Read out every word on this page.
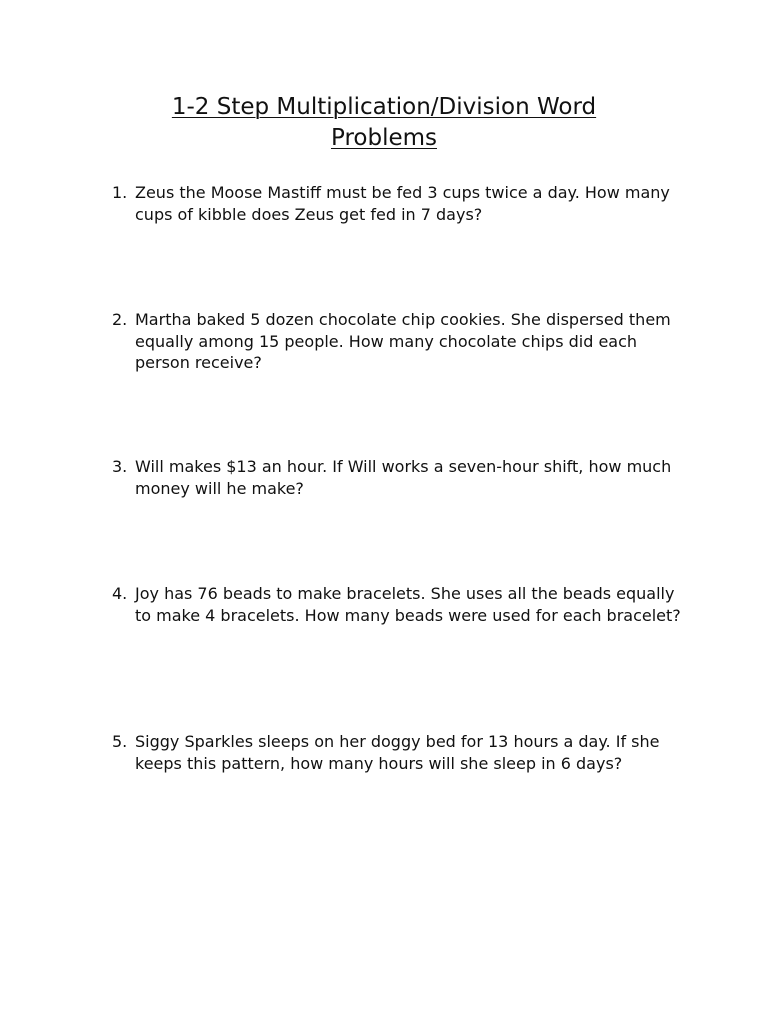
1-2 Step Multiplication/Division Word
Problems
1. Zeus the Moose Mastiff must be fed 3 cups twice a day. How many cups of kibble does Zeus get fed in 7 days?
2. Martha baked 5 dozen chocolate chip cookies. She dispersed them equally among 15 people. How many chocolate chips did each person receive?
3. Will makes $13 an hour. If Will works a seven-hour shift, how much money will he make?
4. Joy has 76 beads to make bracelets. She uses all the beads equally to make 4 bracelets. How many beads were used for each bracelet?
5. Siggy Sparkles sleeps on her doggy bed for 13 hours a day. If she keeps this pattern, how many hours will she sleep in 6 days?
